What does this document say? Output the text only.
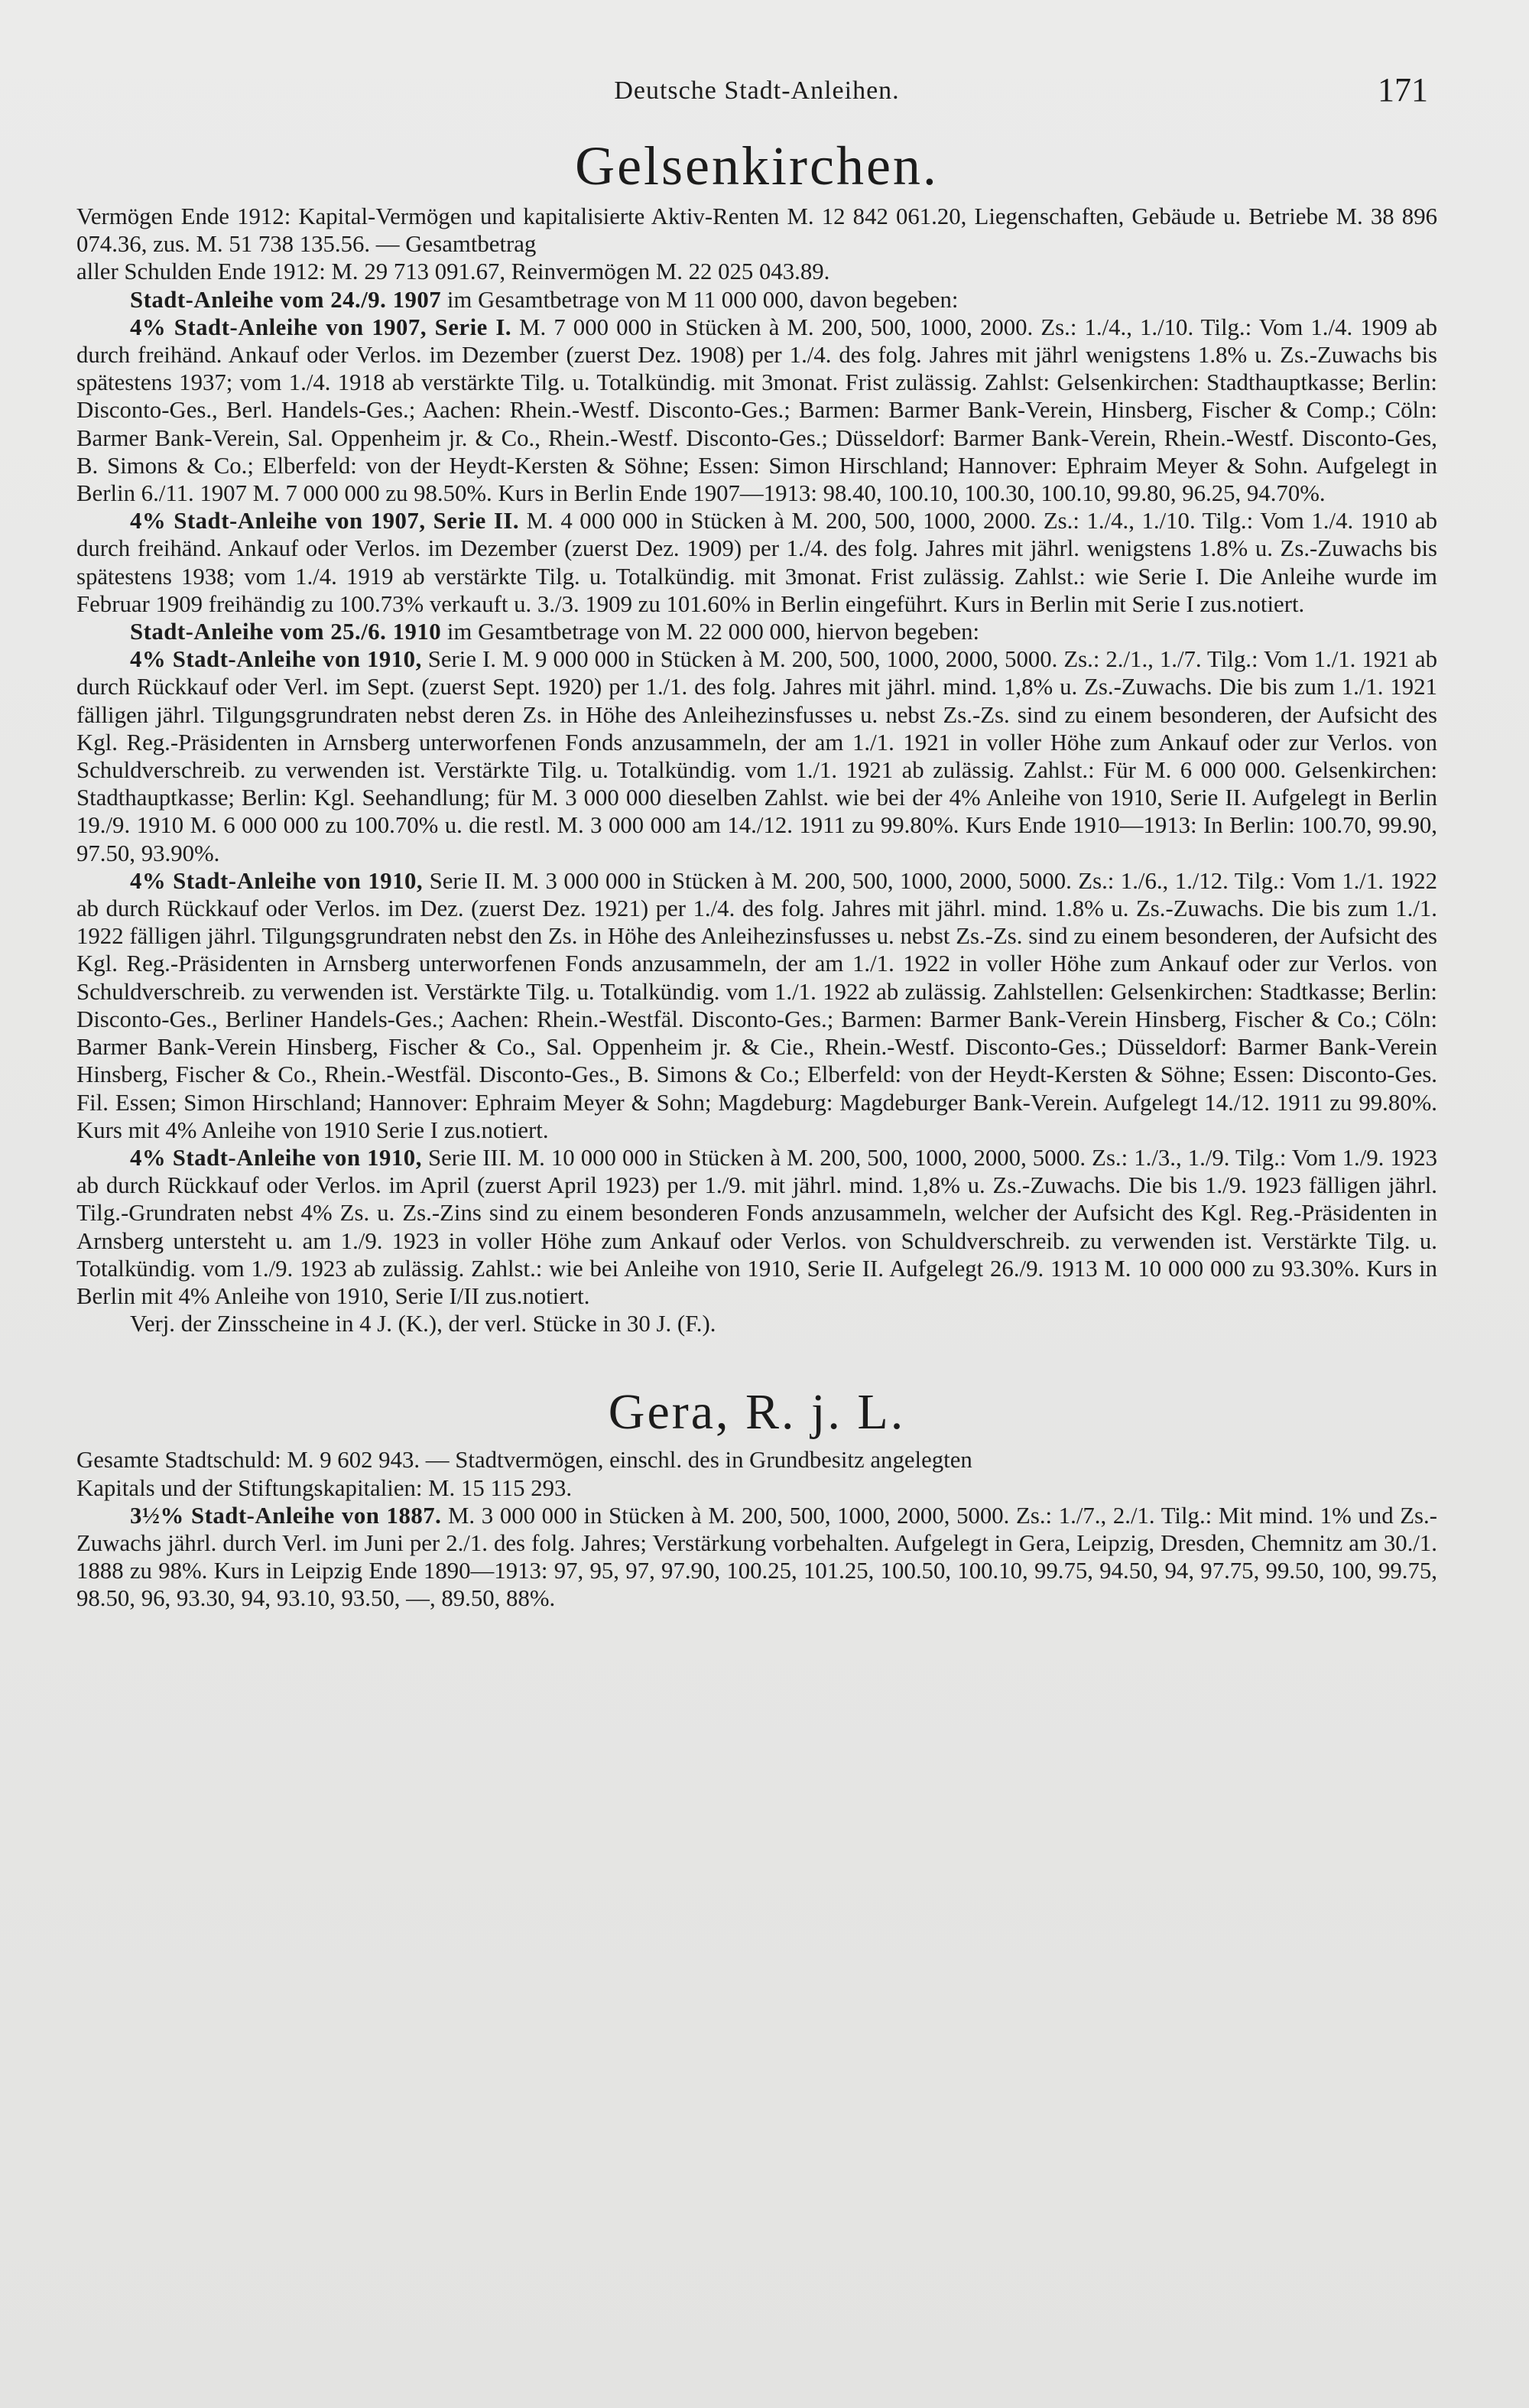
Deutsche Stadt-Anleihen.	171
Gelsenkirchen.

Vermögen Ende 1912: Kapital-Vermögen und kapitalisierte Aktiv-Renten M. 12 842 061.20, Liegenschaften, Gebäude u. Betriebe M. 38 896 074.36, zus. M. 51 738 135.56. — Gesamtbetrag
aller Schulden Ende 1912: M. 29 713 091.67, Reinvermögen M. 22 025 043.89.

Stadt-Anleihe vom 24./9. 1907 im Gesamtbetrage von M 11 000 000, davon begeben:

4% Stadt-Anleihe von 1907, Serie I. M. 7 000 000 in Stücken à M. 200, 500, 1000, 2000. Zs.: 1./4., 1./10. Tilg.: Vom 1./4. 1909 ab durch freihänd. Ankauf oder Verlos. im Dezember (zuerst Dez. 1908) per 1./4. des folg. Jahres mit jährl wenigstens 1.8% u. Zs.-Zuwachs bis spätestens 1937; vom 1./4. 1918 ab verstärkte Tilg. u. Totalkündig. mit 3monat. Frist zulässig. Zahlst: Gelsenkirchen: Stadthauptkasse; Berlin: Disconto-Ges., Berl. Handels-Ges.; Aachen: Rhein.-Westf. Disconto-Ges.; Barmen: Barmer Bank-Verein, Hinsberg, Fischer & Comp.; Cöln: Barmer Bank-Verein, Sal. Oppenheim jr. & Co., Rhein.-Westf. Disconto-Ges.; Düsseldorf: Barmer Bank-Verein, Rhein.-Westf. Disconto-Ges, B. Simons & Co.; Elberfeld: von der Heydt-Kersten & Söhne; Essen: Simon Hirschland; Hannover: Ephraim Meyer & Sohn. Aufgelegt in Berlin 6./11. 1907 M. 7 000 000 zu 98.50%. Kurs in Berlin Ende 1907—1913: 98.40, 100.10, 100.30, 100.10, 99.80, 96.25, 94.70%.

4% Stadt-Anleihe von 1907, Serie II. M. 4 000 000 in Stücken à M. 200, 500, 1000, 2000. Zs.: 1./4., 1./10. Tilg.: Vom 1./4. 1910 ab durch freihänd. Ankauf oder Verlos. im Dezember (zuerst Dez. 1909) per 1./4. des folg. Jahres mit jährl. wenigstens 1.8% u. Zs.-Zuwachs bis spätestens 1938; vom 1./4. 1919 ab verstärkte Tilg. u. Totalkündig. mit 3monat. Frist zulässig. Zahlst.: wie Serie I. Die Anleihe wurde im Februar 1909 freihändig zu 100.73% verkauft u. 3./3. 1909 zu 101.60% in Berlin eingeführt. Kurs in Berlin mit Serie I zus.notiert.

Stadt-Anleihe vom 25./6. 1910 im Gesamtbetrage von M. 22 000 000, hiervon begeben:

4% Stadt-Anleihe von 1910, Serie I. M. 9 000 000 in Stücken à M. 200, 500, 1000, 2000, 5000. Zs.: 2./1., 1./7. Tilg.: Vom 1./1. 1921 ab durch Rückkauf oder Verl. im Sept. (zuerst Sept. 1920) per 1./1. des folg. Jahres mit jährl. mind. 1,8% u. Zs.-Zuwachs. Die bis zum 1./1. 1921 fälligen jährl. Tilgungsgrundraten nebst deren Zs. in Höhe des Anleihezinsfusses u. nebst Zs.-Zs. sind zu einem besonderen, der Aufsicht des Kgl. Reg.-Präsidenten in Arnsberg unterworfenen Fonds anzusammeln, der am 1./1. 1921 in voller Höhe zum Ankauf oder zur Verlos. von Schuldverschreib. zu verwenden ist. Verstärkte Tilg. u. Totalkündig. vom 1./1. 1921 ab zulässig. Zahlst.: Für M. 6 000 000. Gelsenkirchen: Stadthauptkasse; Berlin: Kgl. Seehandlung; für M. 3 000 000 dieselben Zahlst. wie bei der 4% Anleihe von 1910, Serie II. Aufgelegt in Berlin 19./9. 1910 M. 6 000 000 zu 100.70% u. die restl. M. 3 000 000 am 14./12. 1911 zu 99.80%. Kurs Ende 1910—1913: In Berlin: 100.70, 99.90, 97.50, 93.90%.

4% Stadt-Anleihe von 1910, Serie II. M. 3 000 000 in Stücken à M. 200, 500, 1000, 2000, 5000. Zs.: 1./6., 1./12. Tilg.: Vom 1./1. 1922 ab durch Rückkauf oder Verlos. im Dez. (zuerst Dez. 1921) per 1./4. des folg. Jahres mit jährl. mind. 1.8% u. Zs.-Zuwachs. Die bis zum 1./1. 1922 fälligen jährl. Tilgungsgrundraten nebst den Zs. in Höhe des Anleihezinsfusses u. nebst Zs.-Zs. sind zu einem besonderen, der Aufsicht des Kgl. Reg.-Präsidenten in Arnsberg unterworfenen Fonds anzusammeln, der am 1./1. 1922 in voller Höhe zum Ankauf oder zur Verlos. von Schuldverschreib. zu verwenden ist. Verstärkte Tilg. u. Totalkündig. vom 1./1. 1922 ab zulässig. Zahlstellen: Gelsenkirchen: Stadtkasse; Berlin: Disconto-Ges., Berliner Handels-Ges.; Aachen: Rhein.-Westfäl. Disconto-Ges.; Barmen: Barmer Bank-Verein Hinsberg, Fischer & Co.; Cöln: Barmer Bank-Verein Hinsberg, Fischer & Co., Sal. Oppenheim jr. & Cie., Rhein.-Westf. Disconto-Ges.; Düsseldorf: Barmer Bank-Verein Hinsberg, Fischer & Co., Rhein.-Westfäl. Disconto-Ges., B. Simons & Co.; Elberfeld: von der Heydt-Kersten & Söhne; Essen: Disconto-Ges. Fil. Essen; Simon Hirschland; Hannover: Ephraim Meyer & Sohn; Magdeburg: Magdeburger Bank-Verein. Aufgelegt 14./12. 1911 zu 99.80%. Kurs mit 4% Anleihe von 1910 Serie I zus.notiert.

4% Stadt-Anleihe von 1910, Serie III. M. 10 000 000 in Stücken à M. 200, 500, 1000, 2000, 5000. Zs.: 1./3., 1./9. Tilg.: Vom 1./9. 1923 ab durch Rückkauf oder Verlos. im April (zuerst April 1923) per 1./9. mit jährl. mind. 1,8% u. Zs.-Zuwachs. Die bis 1./9. 1923 fälligen jährl. Tilg.-Grundraten nebst 4% Zs. u. Zs.-Zins sind zu einem besonderen Fonds anzusammeln, welcher der Aufsicht des Kgl. Reg.-Präsidenten in Arnsberg untersteht u. am 1./9. 1923 in voller Höhe zum Ankauf oder Verlos. von Schuldverschreib. zu verwenden ist. Verstärkte Tilg. u. Totalkündig. vom 1./9. 1923 ab zulässig. Zahlst.: wie bei Anleihe von 1910, Serie II. Aufgelegt 26./9. 1913 M. 10 000 000 zu 93.30%. Kurs in Berlin mit 4% Anleihe von 1910, Serie I/II zus.notiert.

Verj. der Zinsscheine in 4 J. (K.), der verl. Stücke in 30 J. (F.).

Gera, R. j. L.

Gesamte Stadtschuld: M. 9 602 943. — Stadtvermögen, einschl. des in Grundbesitz angelegten
Kapitals und der Stiftungskapitalien: M. 15 115 293.

3½% Stadt-Anleihe von 1887. M. 3 000 000 in Stücken à M. 200, 500, 1000, 2000, 5000. Zs.: 1./7., 2./1. Tilg.: Mit mind. 1% und Zs.-Zuwachs jährl. durch Verl. im Juni per 2./1. des folg. Jahres; Verstärkung vorbehalten. Aufgelegt in Gera, Leipzig, Dresden, Chemnitz am 30./1. 1888 zu 98%. Kurs in Leipzig Ende 1890—1913: 97, 95, 97, 97.90, 100.25, 101.25, 100.50, 100.10, 99.75, 94.50, 94, 97.75, 99.50, 100, 99.75, 98.50, 96, 93.30, 94, 93.10, 93.50, —, 89.50, 88%.
